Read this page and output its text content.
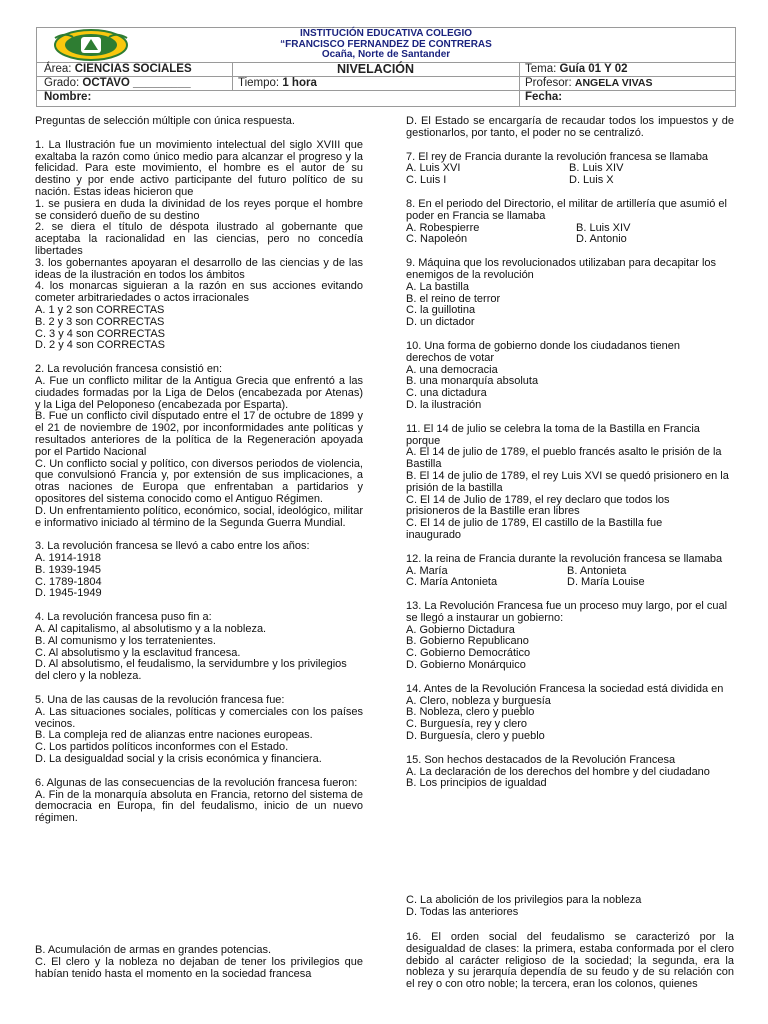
INSTITUCIÓN EDUCATIVA COLEGIO
“FRANCISCO FERNANDEZ DE CONTRERAS
Ocaña, Norte de Santander
Área: CIENCIAS SOCIALES	NIVELACIÓN	Tema: Guía 01 Y 02
Grado: OCTAVO _________	Tiempo: 1 hora	Profesor: ANGELA VIVAS
Nombre:	Fecha:

Preguntas de selección múltiple con única respuesta.

1. La Ilustración fue un movimiento intelectual del siglo XVIII que exaltaba la razón como único medio para alcanzar el progreso y la felicidad. Para este movimiento, el hombre es el autor de su destino y por ende activo participante del futuro político de su nación. Estas ideas hicieron que

1. se pusiera en duda la divinidad de los reyes porque el hombre se consideró dueño de su destino

2. se diera el título de déspota ilustrado al gobernante que aceptaba la racionalidad en las ciencias, pero no concedía libertades

3. los gobernantes apoyaran el desarrollo de las ciencias y de las ideas de la ilustración en todos los ámbitos

4. los monarcas siguieran a la razón en sus acciones evitando cometer arbitrariedades o actos irracionales

A. 1 y 2 son CORRECTAS

B. 2 y 3 son CORRECTAS

C. 3 y 4 son CORRECTAS

D. 2 y 4 son CORRECTAS

2. La revolución francesa consistió en:

A. Fue un conflicto militar de la Antigua Grecia que enfrentó a las ciudades formadas por la Liga de Delos (encabezada por Atenas) y la Liga del Peloponeso (encabezada por Esparta).

B. Fue un conflicto civil disputado entre el 17 de octubre de 1899 y el 21 de noviembre de 1902, por inconformidades ante políticas y resultados anteriores de la política de la Regeneración apoyada por el Partido Nacional

C. Un conflicto social y político, con diversos periodos de violencia, que convulsionó Francia y, por extensión de sus implicaciones, a otras naciones de Europa que enfrentaban a partidarios y opositores del sistema conocido como el Antiguo Régimen.

D. Un enfrentamiento político, económico, social, ideológico, militar e informativo iniciado al término de la Segunda Guerra Mundial.

3. La revolución francesa se llevó a cabo entre los años:

A. 1914-1918

B. 1939-1945

C. 1789-1804

D. 1945-1949

4. La revolución francesa puso fin a:

A. Al capitalismo, al absolutismo y a la nobleza.

B. Al comunismo y los terratenientes.

C. Al absolutismo y la esclavitud francesa.

D. Al absolutismo, el feudalismo, la servidumbre y los privilegios del clero y la nobleza.

5. Una de las causas de la revolución francesa fue:

A. Las situaciones sociales, políticas y comerciales con los países vecinos.

B. La compleja red de alianzas entre naciones europeas.

C. Los partidos políticos inconformes con el Estado.

D. La desigualdad social y la crisis económica y financiera.

6. Algunas de las consecuencias de la revolución francesa fueron:

A. Fin de la monarquía absoluta en Francia, retorno del sistema de democracia en Europa, fin del feudalismo, inicio de un nuevo régimen.

B. Acumulación de armas en grandes potencias.

C. El clero y la nobleza no dejaban de tener los privilegios que habían tenido hasta el momento en la sociedad francesa

D. El Estado se encargaría de recaudar todos los impuestos y de gestionarlos, por tanto, el poder no se centralizó.

7. El rey de Francia durante la revolución francesa se llamaba

A. Luis XVI	B. Luis XIV
C. Luis I	D. Luis X

8. En el periodo del Directorio, el militar de artillería que asumió el poder en Francia se llamaba

A. Robespierre	B. Luis XIV
C. Napoleón	D. Antonio

9. Máquina que los revolucionados utilizaban para decapitar los enemigos de la revolución

A. La bastilla

B. el reino de terror

C. la guillotina

D. un dictador

10. Una forma de gobierno donde los ciudadanos tienen derechos de votar

A. una democracia

B. una monarquía absoluta

C. una dictadura

D. la ilustración

11. El 14 de julio se celebra la toma de la Bastilla en Francia porque

A. El 14 de julio de 1789, el pueblo francés asalto le prisión de la Bastilla

B. El 14 de julio de 1789, el rey Luis XVI se quedó prisionero en la prisión de la bastilla

C. El 14 de Julio de 1789, el rey declaro que todos los prisioneros de la Bastille eran libres

C. El 14 de julio de 1789, El castillo de la Bastilla fue inaugurado

12. la reina de Francia durante la revolución francesa se llamaba

A. María	B. Antonieta
C. María Antonieta	D. María Louise

13. La Revolución Francesa fue un proceso muy largo, por el cual se llegó a instaurar un gobierno:

A. Gobierno Dictadura

B. Gobierno Republicano

C. Gobierno Democrático

D. Gobierno Monárquico

14. Antes de la Revolución Francesa la sociedad está dividida en

A. Clero, nobleza y burguesía

B. Nobleza, clero y pueblo

C. Burguesía, rey y clero

D. Burguesía, clero y pueblo

15. Son hechos destacados de la Revolución Francesa

A. La declaración de los derechos del hombre y del ciudadano

B. Los principios de igualdad

C. La abolición de los privilegios para la nobleza

D. Todas las anteriores

16. El orden social del feudalismo se caracterizó por la desigualdad de clases: la primera, estaba conformada por el clero debido al carácter religioso de la sociedad; la segunda, era la nobleza y su jerarquía dependía de su feudo y de su relación con el rey o con otro noble; la tercera, eran los colonos, quienes
